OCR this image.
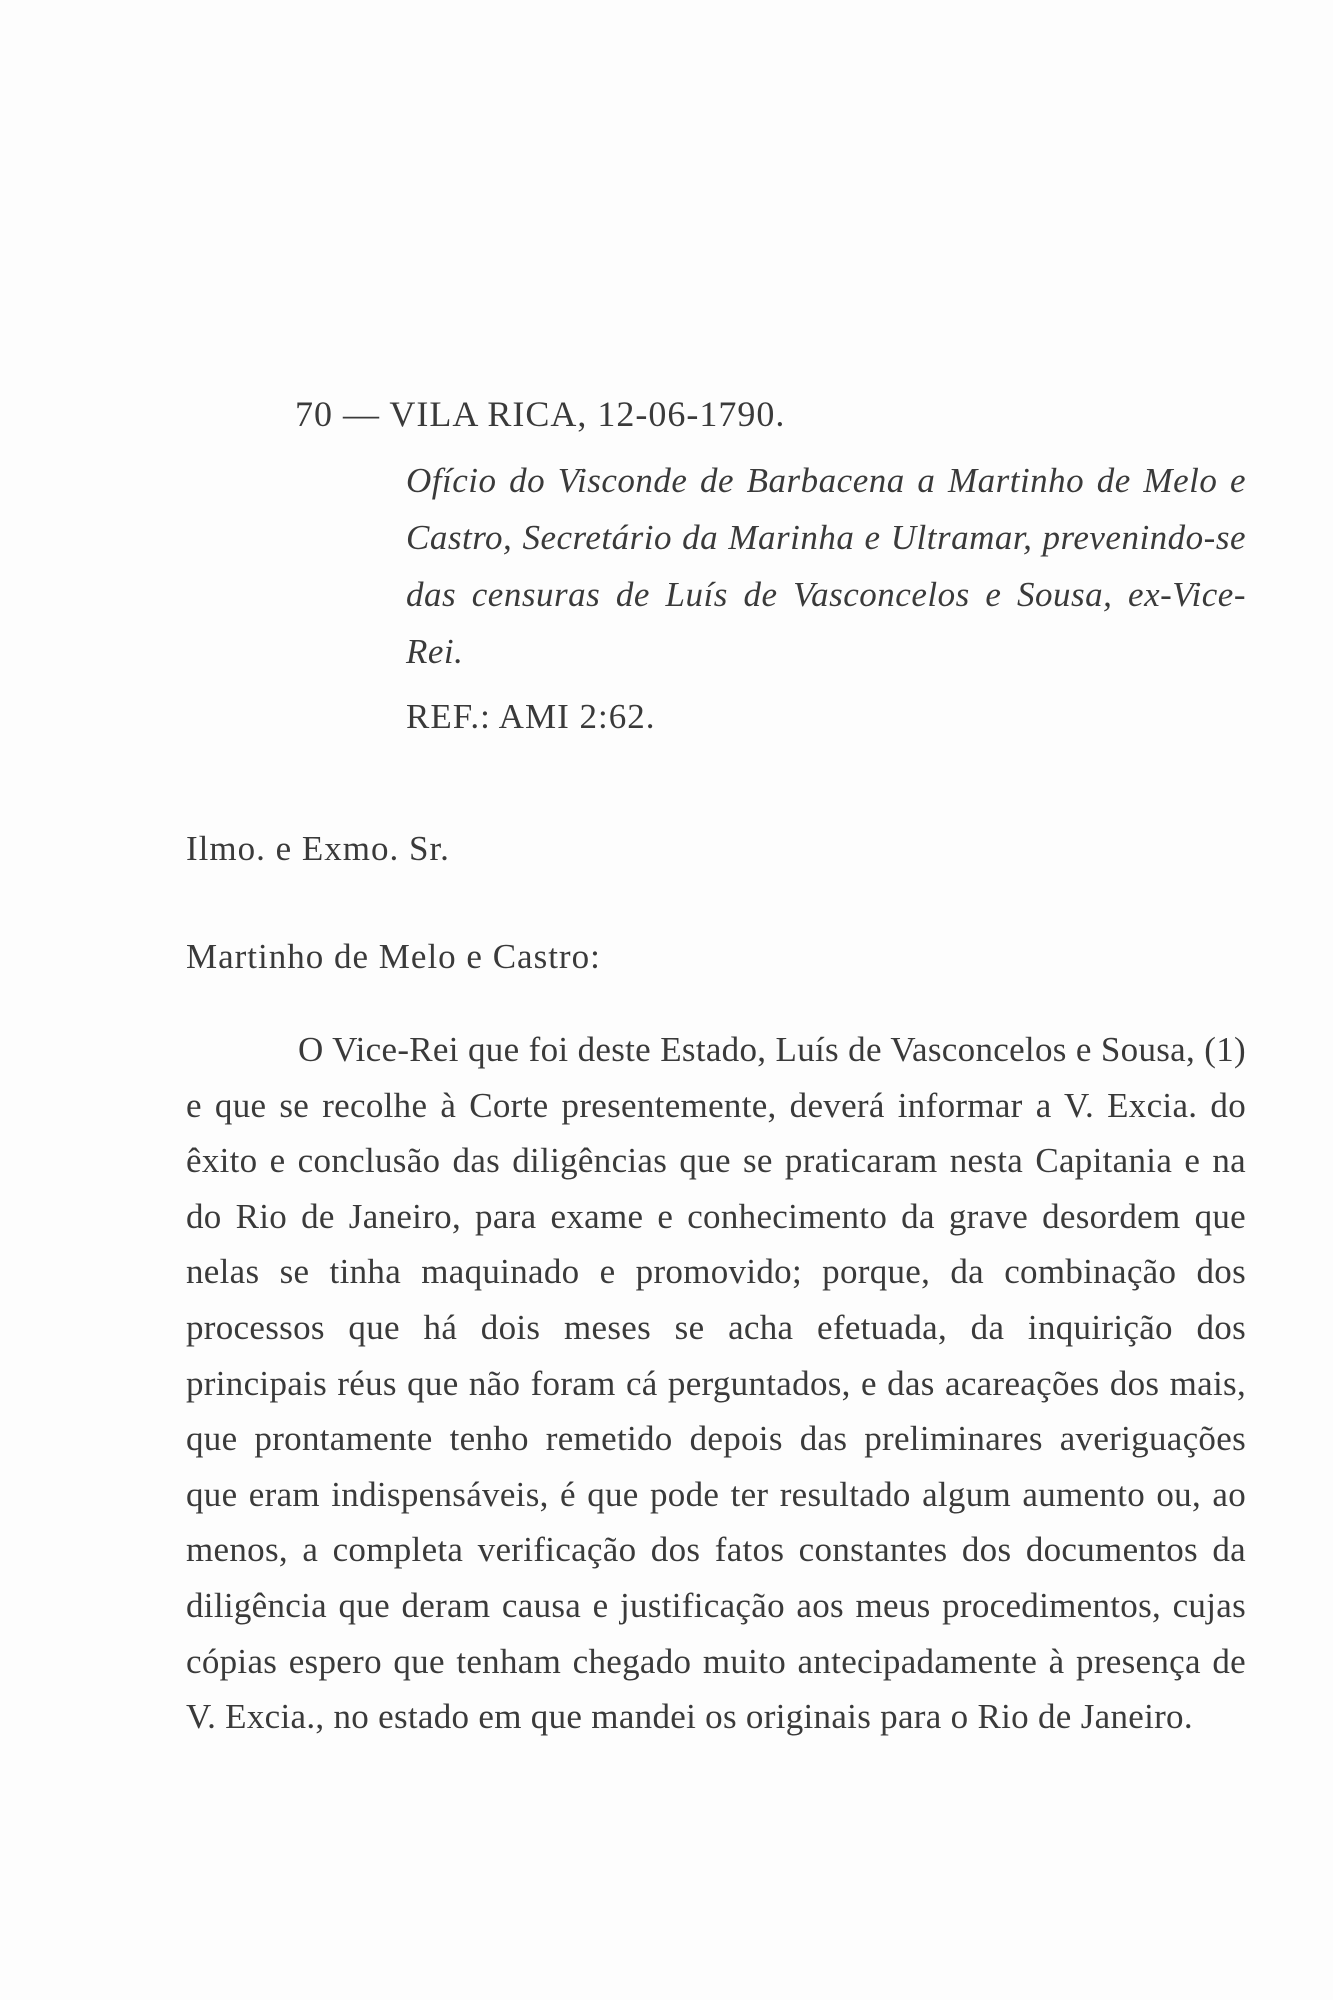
70 — VILA RICA, 12-06-1790.
Ofício do Visconde de Barbacena a Martinho de Melo e Castro, Secretário da Marinha e Ultramar, prevenindo-se das censuras de Luís de Vasconcelos e Sousa, ex-Vice-Rei.
REF.: AMI 2:62.
Ilmo. e Exmo. Sr.
Martinho de Melo e Castro:
O Vice-Rei que foi deste Estado, Luís de Vasconcelos e Sousa, (1) e que se recolhe à Corte presentemente, deverá informar a V. Excia. do êxito e conclusão das diligências que se praticaram nesta Capitania e na do Rio de Janeiro, para exame e conhecimento da grave desordem que nelas se tinha maquinado e promovido; porque, da combinação dos processos que há dois meses se acha efetuada, da inquirição dos principais réus que não foram cá perguntados, e das acareações dos mais, que prontamente tenho remetido depois das preliminares averiguações que eram indispensáveis, é que pode ter resultado algum aumento ou, ao menos, a completa verificação dos fatos constantes dos documentos da diligência que deram causa e justificação aos meus procedimentos, cujas cópias espero que tenham chegado muito antecipadamente à presença de V. Excia., no estado em que mandei os originais para o Rio de Janeiro.
